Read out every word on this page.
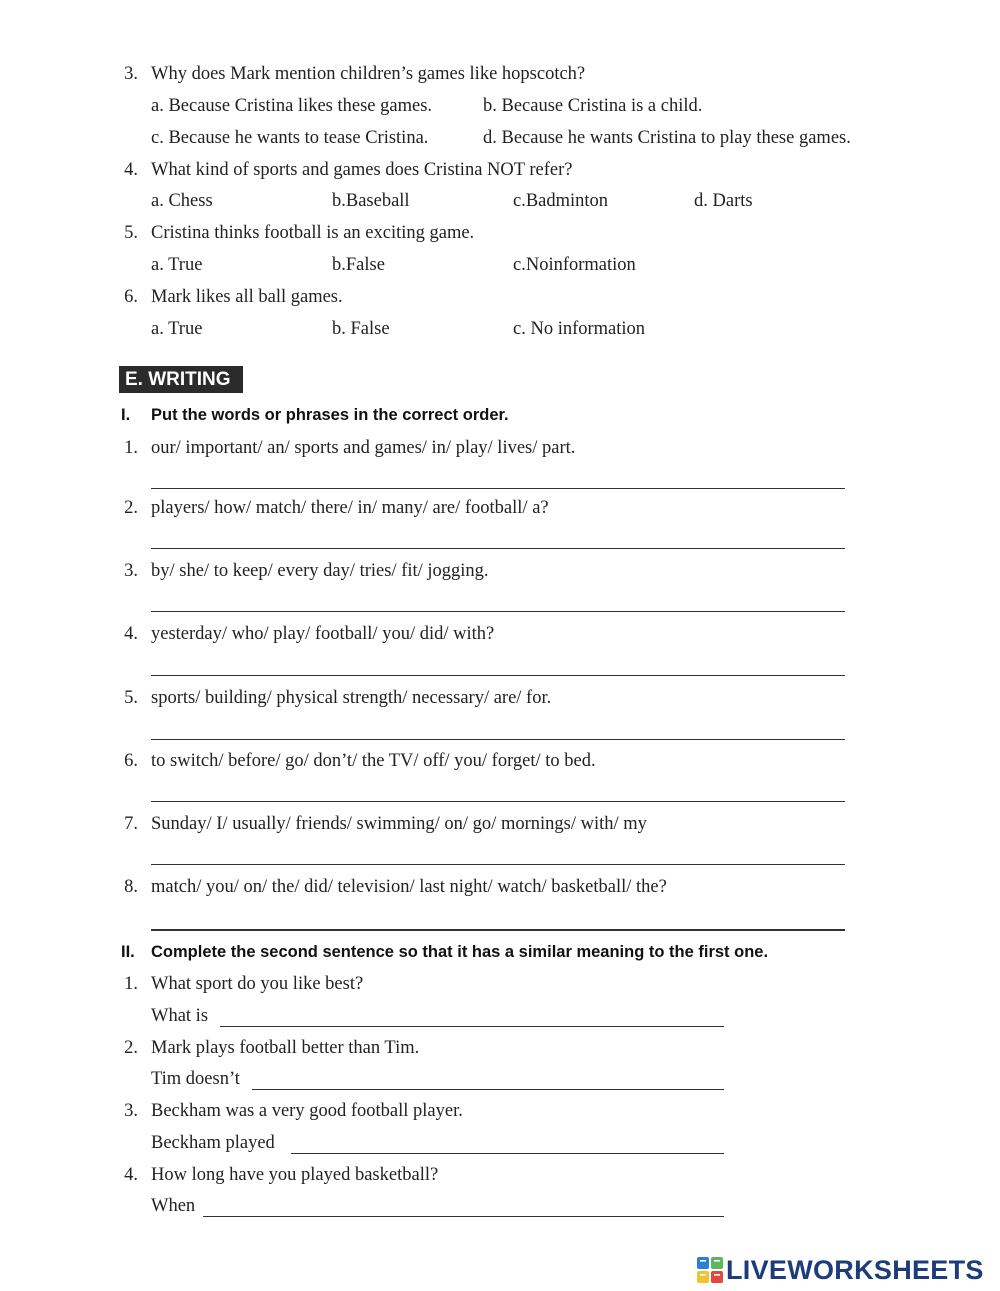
3. Why does Mark mention children’s games like hopscotch?
a. Because Cristina likes these games.	b. Because Cristina is a child.
c. Because he wants to tease Cristina.	d. Because he wants Cristina to play these games.
4. What kind of sports and games does Cristina NOT refer?
a. Chess	b.Baseball	c.Badminton	d. Darts
5. Cristina thinks football is an exciting game.
a. True	b.False	c.Noinformation
6. Mark likes all ball games.
a. True	b. False	c. No information
E. WRITING
I. Put the words or phrases in the correct order.
1. our/ important/ an/ sports and games/ in/ play/ lives/ part.
2. players/ how/ match/ there/ in/ many/ are/ football/ a?
3. by/ she/ to keep/ every day/ tries/ fit/ jogging.
4. yesterday/ who/ play/ football/ you/ did/ with?
5. sports/ building/ physical strength/ necessary/ are/ for.
6. to switch/ before/ go/ don’t/ the TV/ off/ you/ forget/ to bed.
7. Sunday/ I/ usually/ friends/ swimming/ on/ go/ mornings/ with/ my
8. match/ you/ on/ the/ did/ television/ last night/ watch/ basketball/ the?
II. Complete the second sentence so that it has a similar meaning to the first one.
1. What sport do you like best?
What is
2. Mark plays football better than Tim.
Tim doesn’t
3. Beckham was a very good football player.
Beckham played
4. How long have you played basketball?
When
LIVEWORKSHEETS
